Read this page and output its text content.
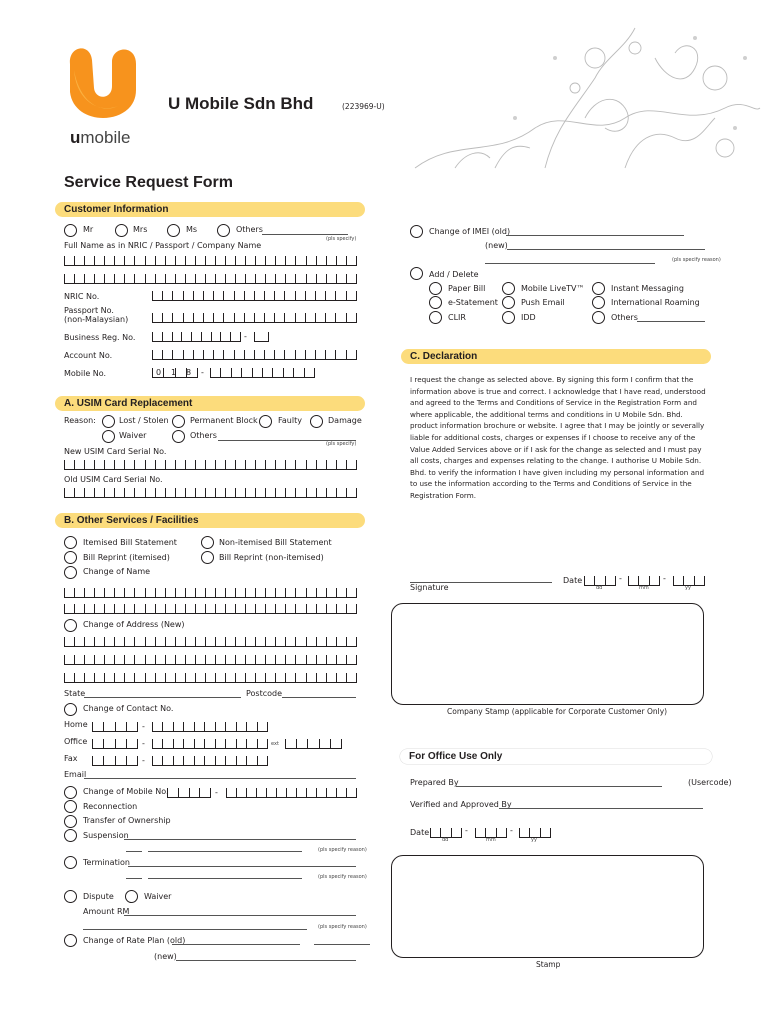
umobile
U Mobile Sdn Bhd	(223969-U)
Service Request Form
Customer Information
Mr	Mrs	Ms	Others
(pls specify)
Full Name as in NRIC / Passport / Company Name
NRIC No.
Passport No.
(non-Malaysian)
Business Reg. No.	-
Account No.
Mobile No.	0 1 8 -
A. USIM Card Replacement
Reason:	Lost / Stolen	Permanent Block	Faulty	Damage
Waiver	Others
(pls specify)
New USIM Card Serial No.
Old USIM Card Serial No.
B. Other Services / Facilities
Itemised Bill Statement	Non-itemised Bill Statement
Bill Reprint (itemised)	Bill Reprint (non-itemised)
Change of Name
Change of Address (New)
State	Postcode
Change of Contact No.
Home	-
Office	-	ext
Fax	-
Email
Change of Mobile No.	-
Reconnection
Transfer of Ownership
Suspension
(pls specify reason)
Termination
(pls specify reason)
Dispute	Waiver
Amount RM
(pls specify reason)
Change of Rate Plan (old)
(new)
Change of IMEI (old)
(new)
(pls specify reason)
Add / Delete
Paper Bill	Mobile LiveTV™	Instant Messaging
e-Statement	Push Email	International Roaming
CLIR	IDD	Others
C. Declaration
I request the change as selected above. By signing this form I confirm that the
information above is true and correct. I acknowledge that I have read, understood
and agreed to the Terms and Conditions of Service in the Registration Form and
where applicable, the additional terms and conditions in U Mobile Sdn. Bhd.
product information brochure or website. I agree that I may be jointly or severally
liable for additional costs, charges or expenses if I choose to receive any of the
Value Added Services above or if I ask for the change as selected and I must pay
all costs, charges and expenses relating to the change. I authorise U Mobile Sdn.
Bhd. to verify the information I have given including my personal information and
to use the information according to the Terms and Conditions of Service in the
Registration Form.
Signature
Date	-	-
dd	mm	yy
Company Stamp (applicable for Corporate Customer Only)
For Office Use Only
Prepared By	(Usercode)
Verified and Approved By
Date	-	-
dd	mm	yy
Stamp
